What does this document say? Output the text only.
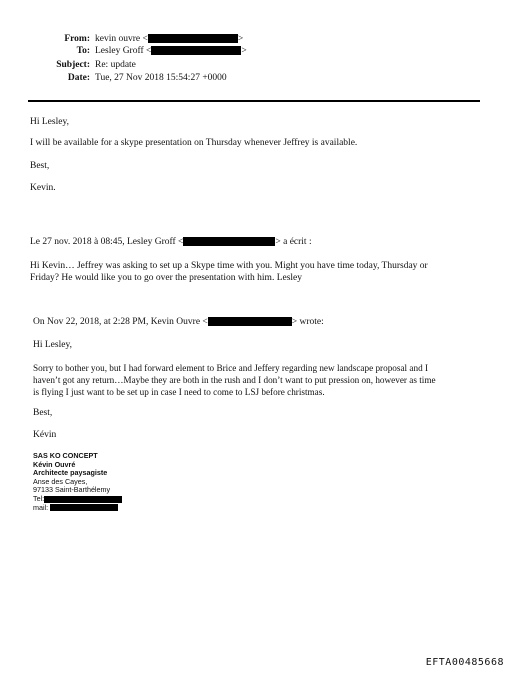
From: kevin ouvre <	>
To: Lesley Groff <	>
Subject: Re: update
Date: Tue, 27 Nov 2018 15:54:27 +0000
Hi Lesley,
I will be available for a skype presentation on Thursday whenever Jeffrey is available.
Best,
Kevin.
Le 27 nov. 2018 à 08:45, Lesley Groff <	> a écrit :
Hi Kevin… Jeffrey was asking to set up a Skype time with you. Might you have time today, Thursday or
Friday? He would like you to go over the presentation with him. Lesley
On Nov 22, 2018, at 2:28 PM, Kevin Ouvre <	> wrote:
Hi Lesley,
Sorry to bother you, but I had forward element to Brice and Jeffery regarding new landscape proposal and I
haven’t got any return…Maybe they are both in the rush and I don’t want to put pression on, however as time
is flying I just want to be set up in case I need to come to LSJ before christmas.
Best,
Kévin
SAS KO CONCEPT
Kévin Ouvré
Architecte paysagiste
Anse des Cayes,
97133 Saint-Barthélemy
Tel:
mail:
EFTA00485668
